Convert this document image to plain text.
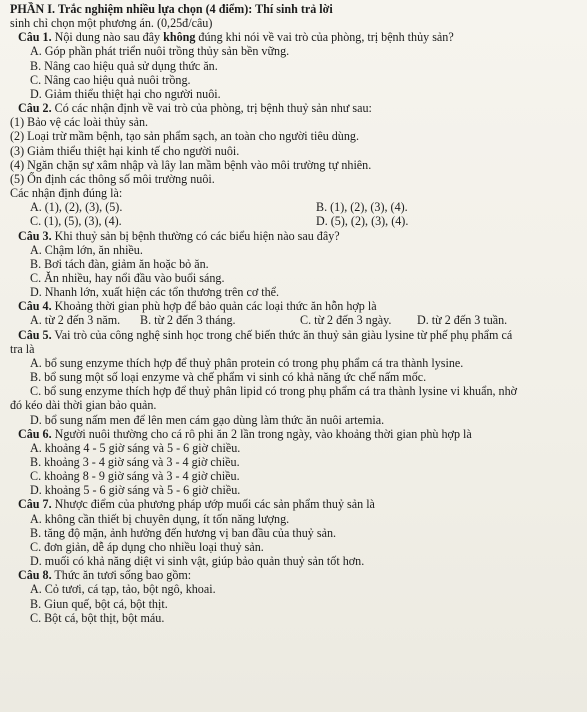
PHẦN I. Trắc nghiệm nhiều lựa chọn (4 điểm): Thí sinh trả lời
sinh chỉ chọn một phương án. (0,25đ/câu)
Câu 1. Nội dung nào sau đây không đúng khi nói về vai trò của phòng, trị bệnh thủy sản?
A. Góp phần phát triển nuôi trồng thủy sản bền vững.
B. Nâng cao hiệu quả sử dụng thức ăn.
C. Nâng cao hiệu quả nuôi trồng.
D. Giảm thiểu thiệt hại cho người nuôi.
Câu 2. Có các nhận định về vai trò của phòng, trị bệnh thuỷ sản như sau:
(1) Bảo vệ các loài thủy sản.
(2) Loại trừ mầm bệnh, tạo sản phẩm sạch, an toàn cho người tiêu dùng.
(3) Giảm thiểu thiệt hại kinh tế cho người nuôi.
(4) Ngăn chặn sự xâm nhập và lây lan mầm bệnh vào môi trường tự nhiên.
(5) Ổn định các thông số môi trường nuôi.
Các nhận định đúng là:
A. (1), (2), (3), (5).	B. (1), (2), (3), (4).
C. (1), (5), (3), (4).	D. (5), (2), (3), (4).
Câu 3. Khi thuỷ sản bị bệnh thường có các biểu hiện nào sau đây?
A. Chậm lớn, ăn nhiều.
B. Bơi tách đàn, giảm ăn hoặc bỏ ăn.
C. Ăn nhiều, hay nổi đầu vào buổi sáng.
D. Nhanh lớn, xuất hiện các tổn thương trên cơ thể.
Câu 4. Khoảng thời gian phù hợp để bảo quản các loại thức ăn hỗn hợp là
A. từ 2 đến 3 năm.	B. từ 2 đến 3 tháng.	C. từ 2 đến 3 ngày.	D. từ 2 đến 3 tuần.
Câu 5. Vai trò của công nghệ sinh học trong chế biến thức ăn thuỷ sản giàu lysine từ phế phụ phẩm cá
tra là
A. bổ sung enzyme thích hợp để thuỷ phân protein có trong phụ phẩm cá tra thành lysine.
B. bổ sung một số loại enzyme và chế phẩm vi sinh có khả năng ức chế nấm mốc.
C. bổ sung enzyme thích hợp để thuỷ phân lipid có trong phụ phẩm cá tra thành lysine vi khuẩn, nhờ
đó kéo dài thời gian bảo quản.
D. bổ sung nấm men để lên men cám gạo dùng làm thức ăn nuôi artemia.
Câu 6. Người nuôi thường cho cá rô phi ăn 2 lần trong ngày, vào khoảng thời gian phù hợp là
A. khoảng 4 - 5 giờ sáng và 5 - 6 giờ chiều.
B. khoảng 3 - 4 giờ sáng và 3 - 4 giờ chiều.
C. khoảng 8 - 9 giờ sáng và 3 - 4 giờ chiều.
D. khoảng 5 - 6 giờ sáng và 5 - 6 giờ chiều.
Câu 7. Nhược điểm của phương pháp ướp muối các sản phẩm thuỷ sản là
A. không cần thiết bị chuyên dụng, ít tốn năng lượng.
B. tăng độ mặn, ảnh hưởng đến hương vị ban đầu của thuỷ sản.
C. đơn giản, dễ áp dụng cho nhiều loại thuỷ sản.
D. muối có khả năng diệt vi sinh vật, giúp bảo quản thuỷ sản tốt hơn.
Câu 8. Thức ăn tươi sống bao gồm:
A. Cỏ tươi, cá tạp, tảo, bột ngô, khoai.
B. Giun quế, bột cá, bột thịt.
C. Bột cá, bột thịt, bột máu.
